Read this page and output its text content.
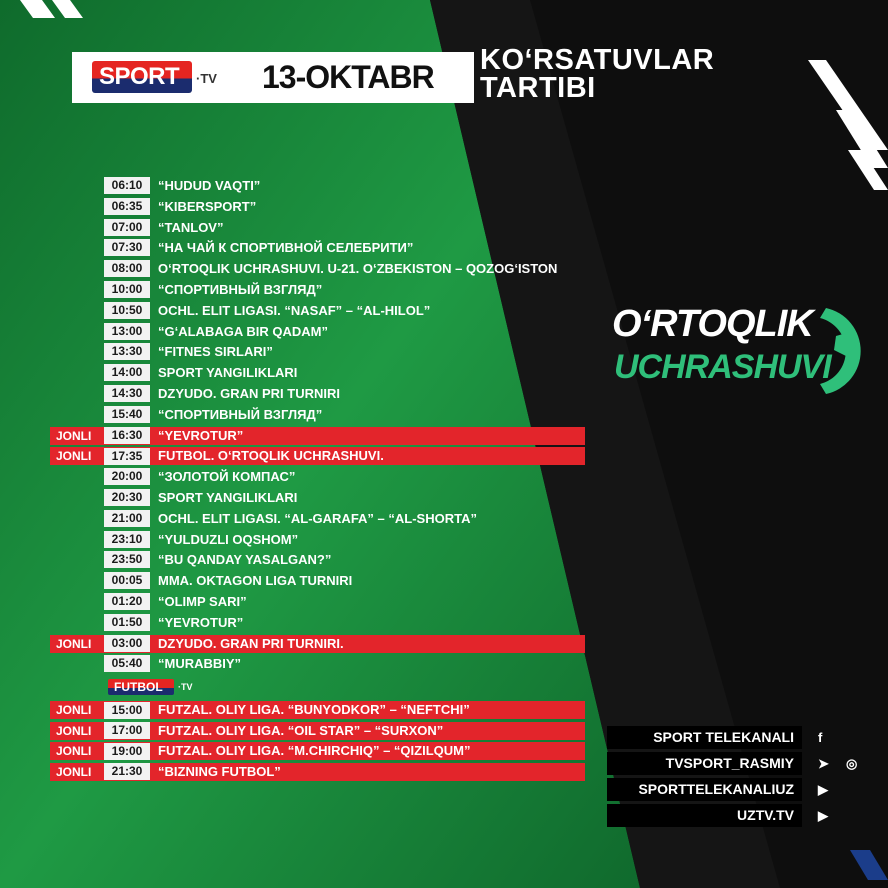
SPORT ·TV 13-OKTABR KO‘RSATUVLAR
TARTIBI
06:10	“HUDUD VAQTI”
06:35	“KIBERSPORT”
07:00	“TANLOV”
07:30	“НА ЧАЙ К СПОРТИВНОЙ СЕЛЕБРИТИ”
08:00	O‘RTOQLIK UCHRASHUVI. U-21. O‘ZBEKISTON – QOZOG‘ISTON
10:00	“СПОРТИВНЫЙ ВЗГЛЯД”
10:50	OCHL. ELIT LIGASI. “NASAF” – “AL-HILOL”
13:00	“G‘ALABAGA BIR QADAM”
13:30	“FITNES SIRLARI”
14:00	SPORT YANGILIKLARI
14:30	DZYUDO. GRAN PRI TURNIRI
15:40	“СПОРТИВНЫЙ ВЗГЛЯД”
JONLI	16:30	“YEVROTUR”
JONLI	17:35	FUTBOL. O‘RTOQLIK UCHRASHUVI.
20:00	“ЗОЛОТОЙ КОМПАС”
20:30	SPORT YANGILIKLARI
21:00	OCHL. ELIT LIGASI. “AL-GARAFA” – “AL-SHORTA”
23:10	“YULDUZLI OQSHOM”
23:50	“BU QANDAY YASALGAN?”
00:05	MMA. OKTAGON LIGA TURNIRI
01:20	“OLIMP SARI”
01:50	“YEVROTUR”
JONLI	03:00	DZYUDO. GRAN PRI TURNIRI.
05:40	“MURABBIY”
FUTBOL ·TV
JONLI	15:00	FUTZAL. OLIY LIGA. “BUNYODKOR” – “NEFTCHI”
JONLI	17:00	FUTZAL. OLIY LIGA. “OIL STAR” – “SURXON”
JONLI	19:00	FUTZAL. OLIY LIGA. “M.CHIRCHIQ” – “QIZILQUM”
JONLI	21:30	“BIZNING FUTBOL”
O‘RTOQLIK
UCHRASHUVI
SPORT TELEKANALI	f
TVSPORT_RASMIY	➤ ◎
SPORTTELEKANALIUZ	▶
UZTV.TV	▶
